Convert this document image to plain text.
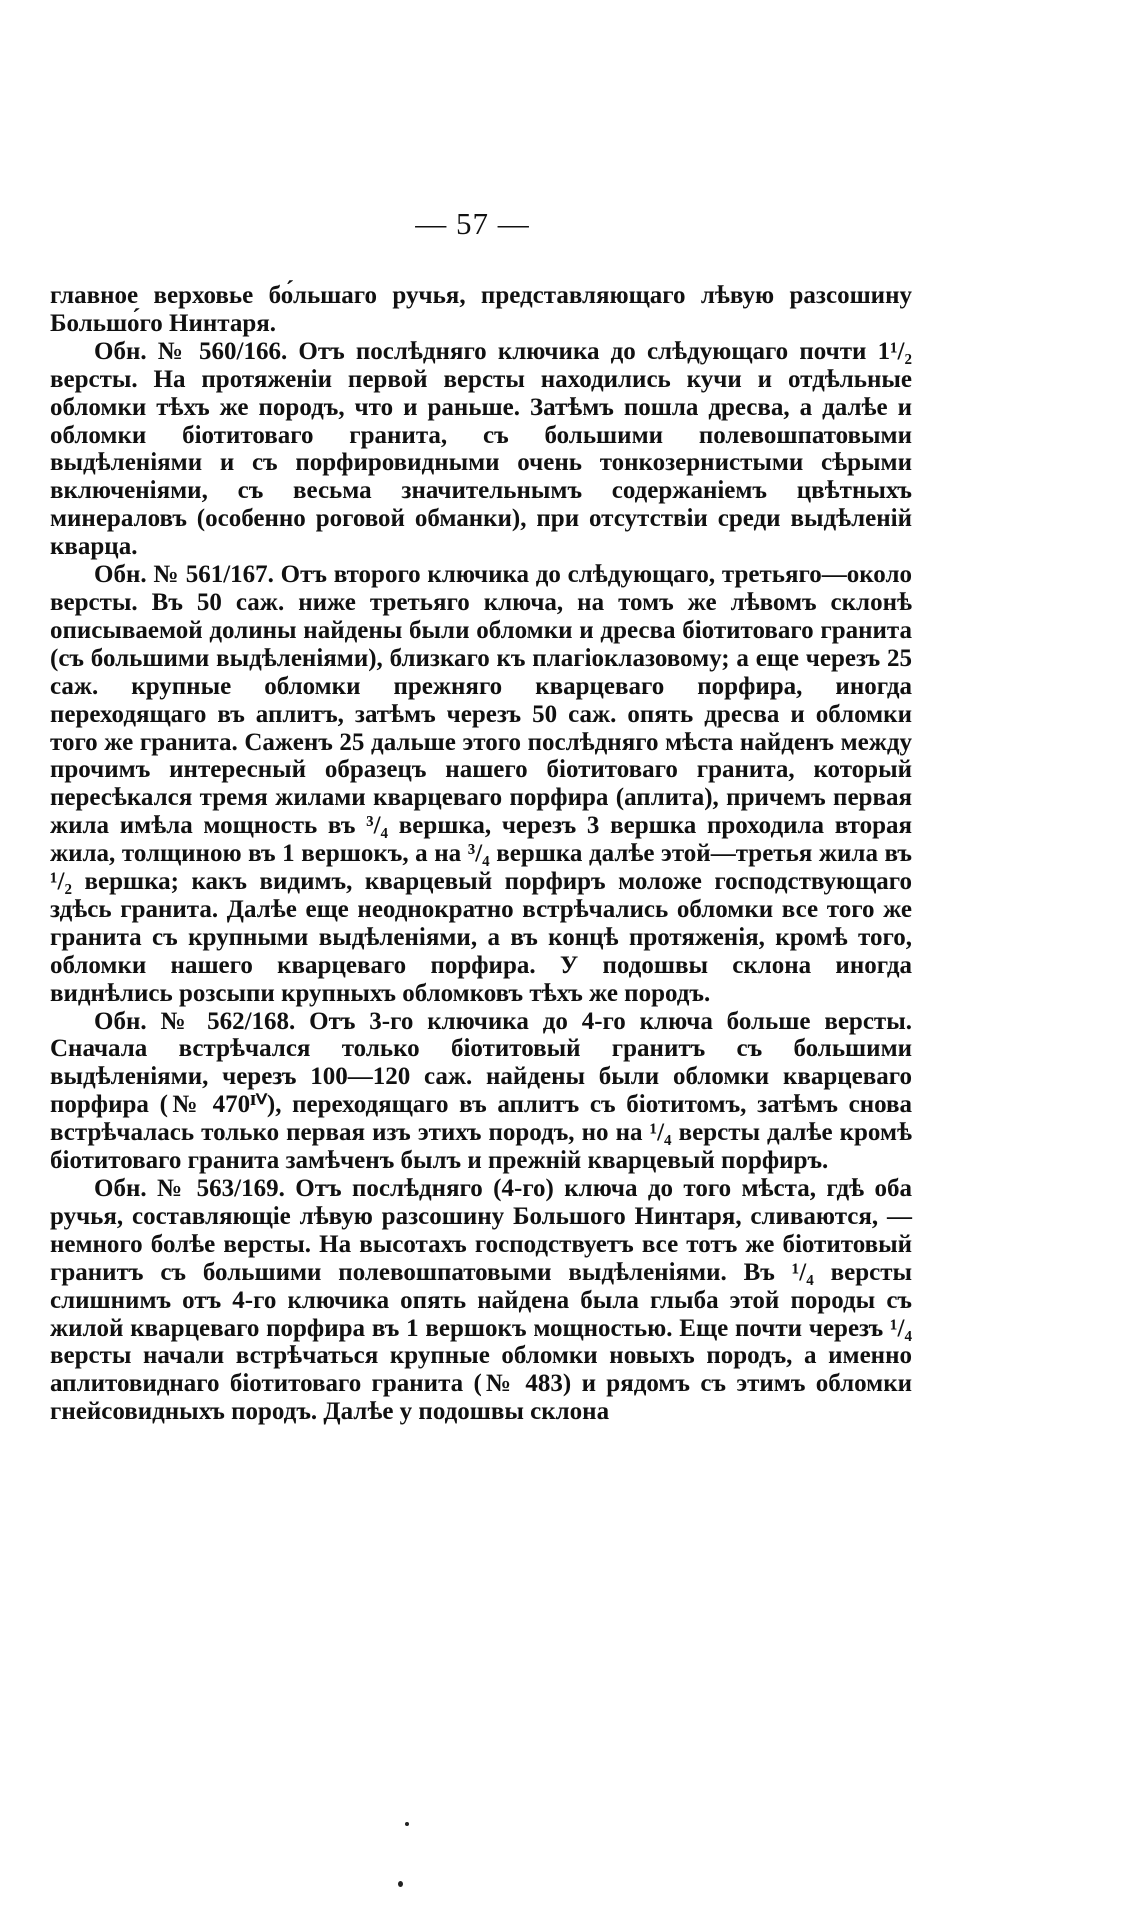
— 57 —

главное верховье бо́льшаго ручья, представляющаго лѣвую разсошину Большо́го Нинтаря.

Обн. № 560/166. Отъ послѣдняго ключика до слѣдующаго почти 1¹/₂ версты. На протяженіи первой версты находились кучи и отдѣльные обломки тѣхъ же породъ, что и раньше. Затѣмъ пошла дресва, а далѣе и обломки біотитоваго гранита, съ большими полевошпатовыми выдѣленіями и съ порфировидными очень тонкозернистыми сѣрыми включеніями, съ весьма значительнымъ содержаніемъ цвѣтныхъ минераловъ (особенно роговой обманки), при отсутствіи среди выдѣленій кварца.

Обн. № 561/167. Отъ второго ключика до слѣдующаго, третьяго—около версты. Въ 50 саж. ниже третьяго ключа, на томъ же лѣвомъ склонѣ описываемой долины найдены были обломки и дресва біотитоваго гранита (съ большими выдѣленіями), близкаго къ плагіоклазовому; а еще черезъ 25 саж. крупные обломки прежняго кварцеваго порфира, иногда переходящаго въ аплитъ, затѣмъ черезъ 50 саж. опять дресва и обломки того же гранита. Саженъ 25 дальше этого послѣдняго мѣста найденъ между прочимъ интересный образецъ нашего біотитоваго гранита, который пересѣкался тремя жилами кварцеваго порфира (аплита), причемъ первая жила имѣла мощность въ ³/₄ вершка, черезъ 3 вершка проходила вторая жила, толщиною въ 1 вершокъ, а на ³/₄ вершка далѣе этой—третья жила въ ¹/₂ вершка; какъ видимъ, кварцевый порфиръ моложе господствующаго здѣсь гранита. Далѣе еще неоднократно встрѣчались обломки все того же гранита съ крупными выдѣленіями, а въ концѣ протяженія, кромѣ того, обломки нашего кварцеваго порфира. У подошвы склона иногда виднѣлись розсыпи крупныхъ обломковъ тѣхъ же породъ.

Обн. № 562/168. Отъ 3-го ключика до 4-го ключа больше версты. Сначала встрѣчался только біотитовый гранитъ съ большими выдѣленіями, черезъ 100—120 саж. найдены были обломки кварцеваго порфира (№ 470ᴵⱽ), переходящаго въ аплитъ съ біотитомъ, затѣмъ снова встрѣчалась только первая изъ этихъ породъ, но на ¹/₄ версты далѣе кромѣ біотитоваго гранита замѣченъ былъ и прежній кварцевый порфиръ.

Обн. № 563/169. Отъ послѣдняго (4-го) ключа до того мѣста, гдѣ оба ручья, составляющіе лѣвую разсошину Большого Нинтаря, сливаются, — немного болѣе версты. На высотахъ господствуетъ все тотъ же біотитовый гранитъ съ большими полевошпатовыми выдѣленіями. Въ ¹/₄ версты слишнимъ отъ 4-го ключика опять найдена была глыба этой породы съ жилой кварцеваго порфира въ 1 вершокъ мощностью. Еще почти черезъ ¹/₄ версты начали встрѣчаться крупные обломки новыхъ породъ, а именно аплитовиднаго біотитоваго гранита (№ 483) и рядомъ съ этимъ обломки гнейсовидныхъ породъ. Далѣе у подошвы склона
